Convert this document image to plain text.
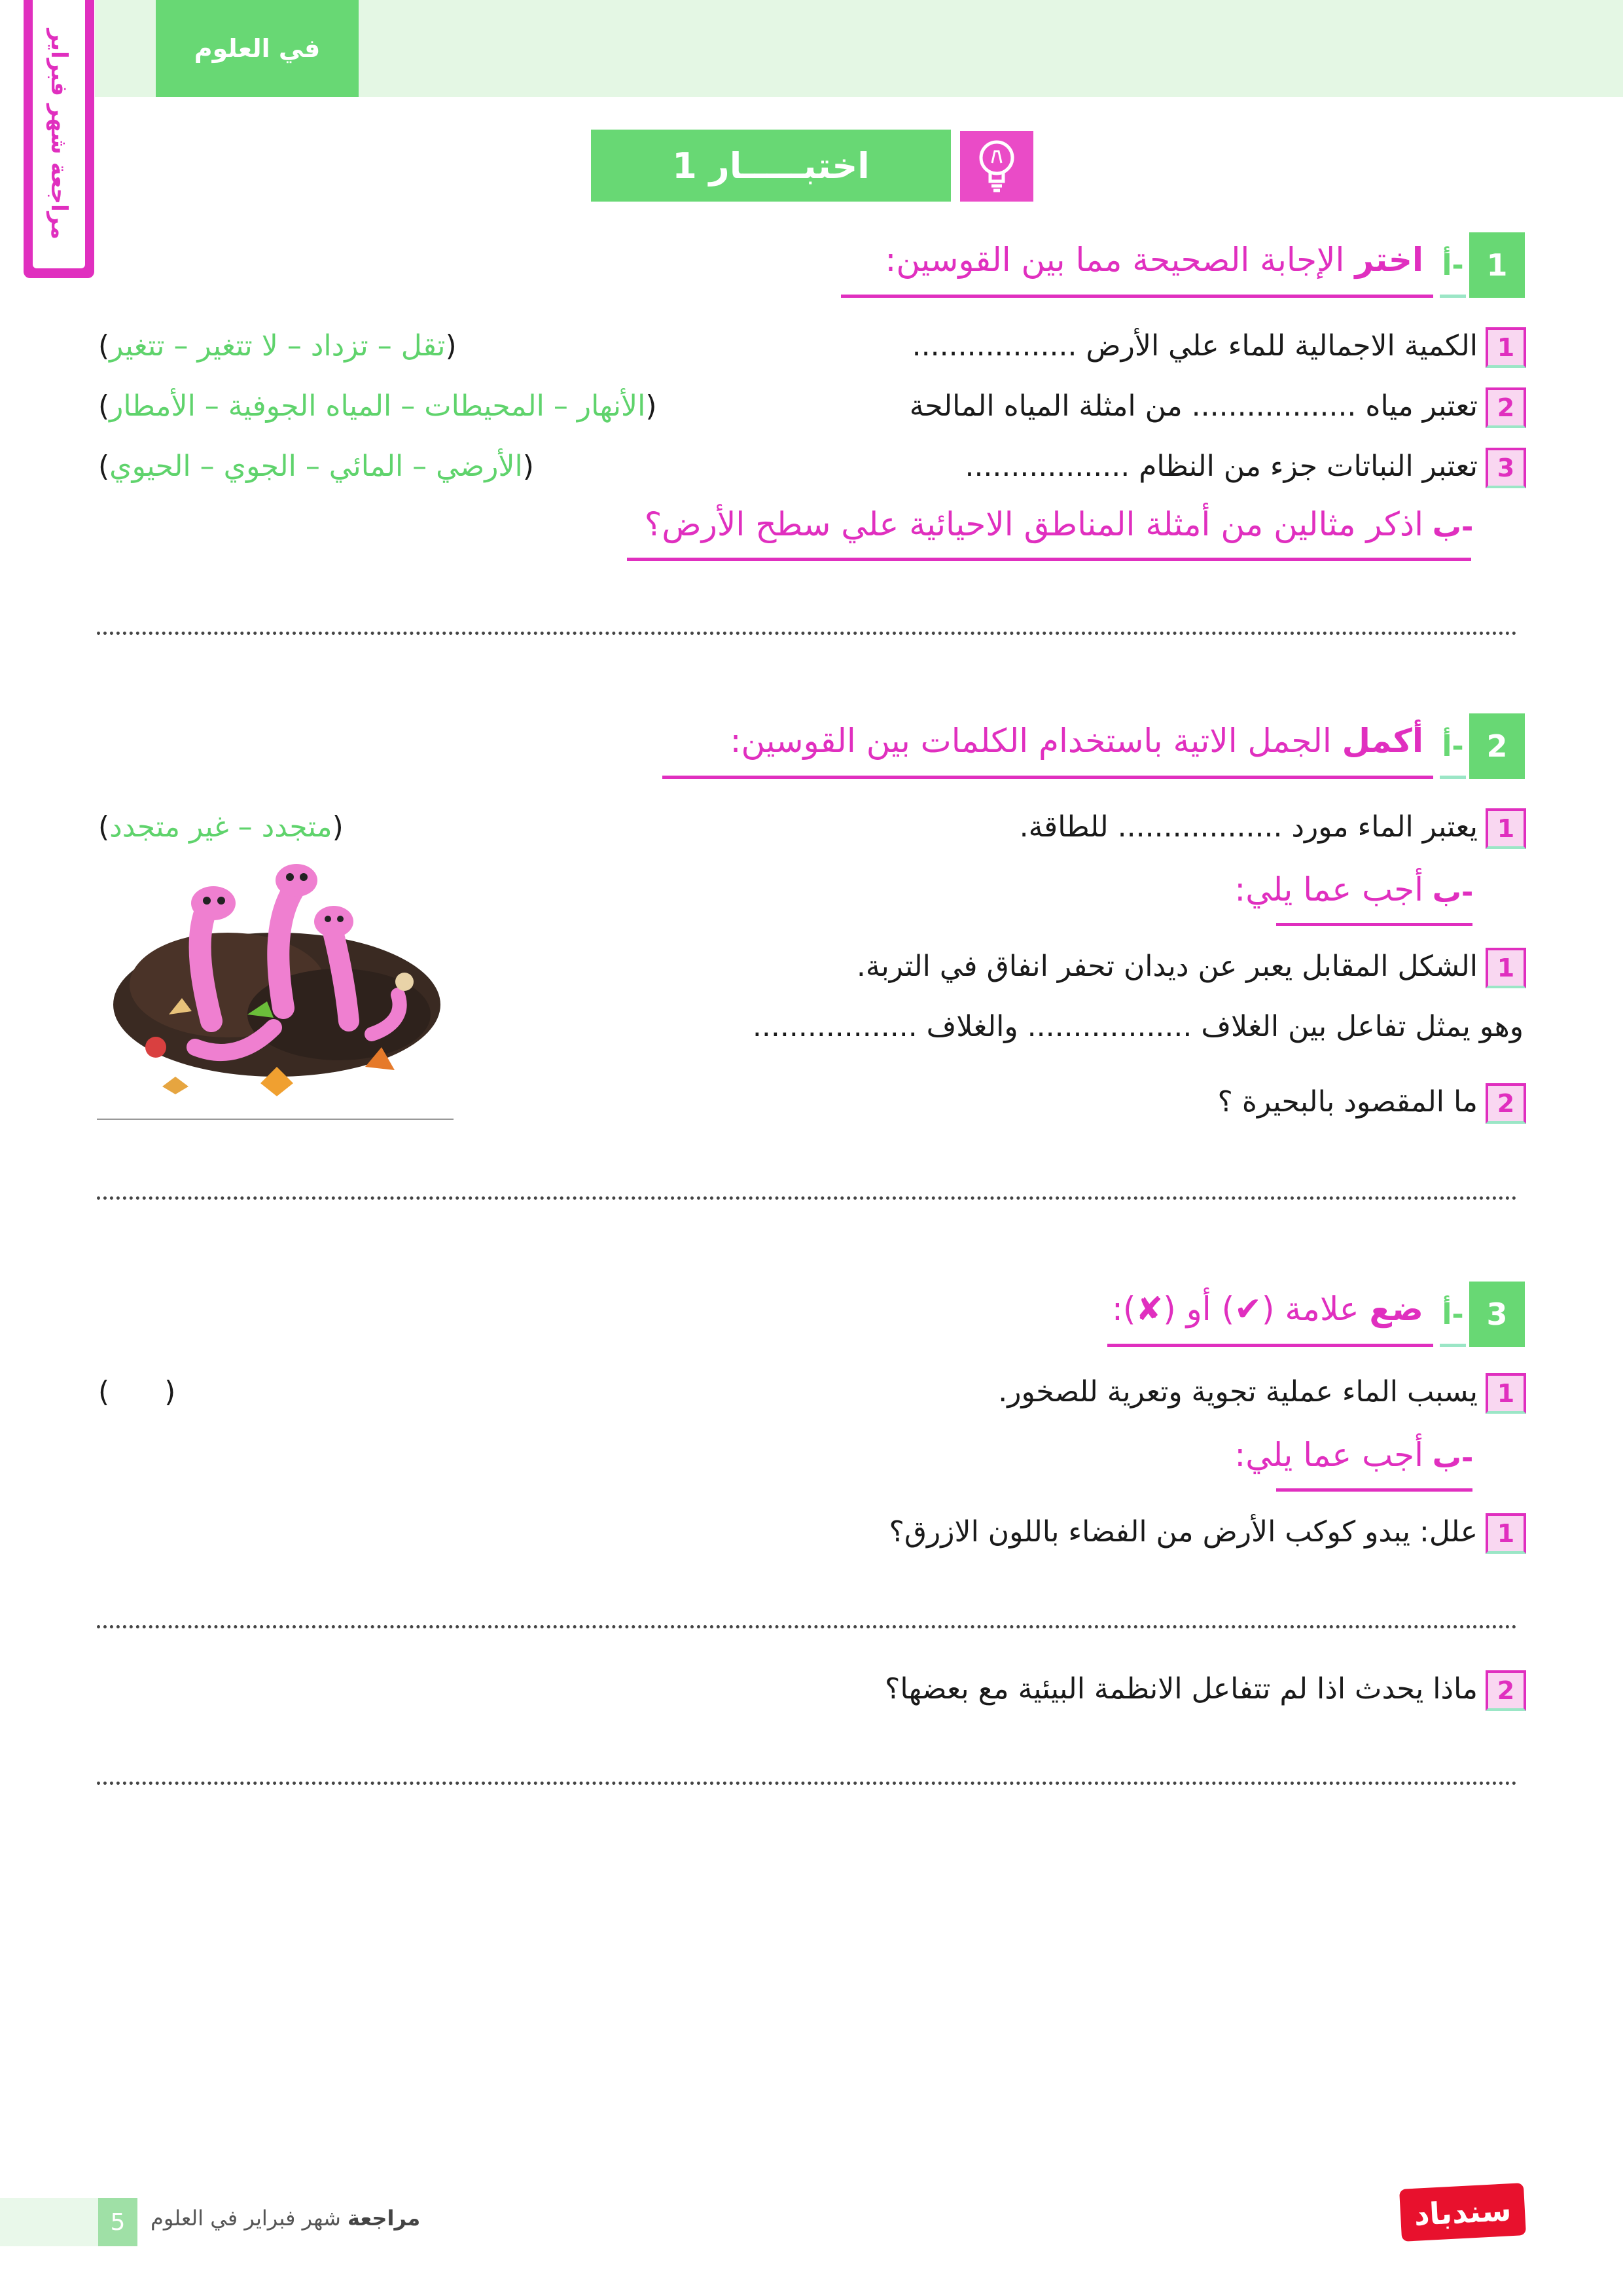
في العلوم
مراجعة شهر فبراير	اختبـــــار 1
1
أ-
اختر الإجابة الصحيحة مما بين القوسين:
1
الكمية الاجمالية للماء علي الأرض ..................
(تقل – تزداد – لا تتغير – تتغير)
2
تعتبر مياه .................. من امثلة المياه المالحة
(الأنهار – المحيطات – المياه الجوفية – الأمطار)
3
تعتبر النباتات جزء من النظام ..................
(الأرضي – المائي – الجوي – الحيوي)
ب-
اذكر مثالين من أمثلة المناطق الاحيائية علي سطح الأرض؟
2
أ-
أكمل الجمل الاتية باستخدام الكلمات بين القوسين:
1
يعتبر الماء مورد .................. للطاقة.
(متجدد – غير متجدد)
ب-
أجب عما يلي:
1
الشكل المقابل يعبر عن ديدان تحفر انفاق في التربة.
وهو يمثل تفاعل بين الغلاف .................. والغلاف ..................
2
ما المقصود بالبحيرة ؟
3
أ-
ضع علامة (✔) أو (✘):
1
يسبب الماء عملية تجوية وتعرية للصخور.
(      )
ب-
أجب عما يلي:
1
علل: يبدو كوكب الأرض من الفضاء باللون الازرق؟
2
ماذا يحدث اذا لم تتفاعل الانظمة البيئية مع بعضها؟
5	مراجعة شهر فبراير في العلوم	سندباد
